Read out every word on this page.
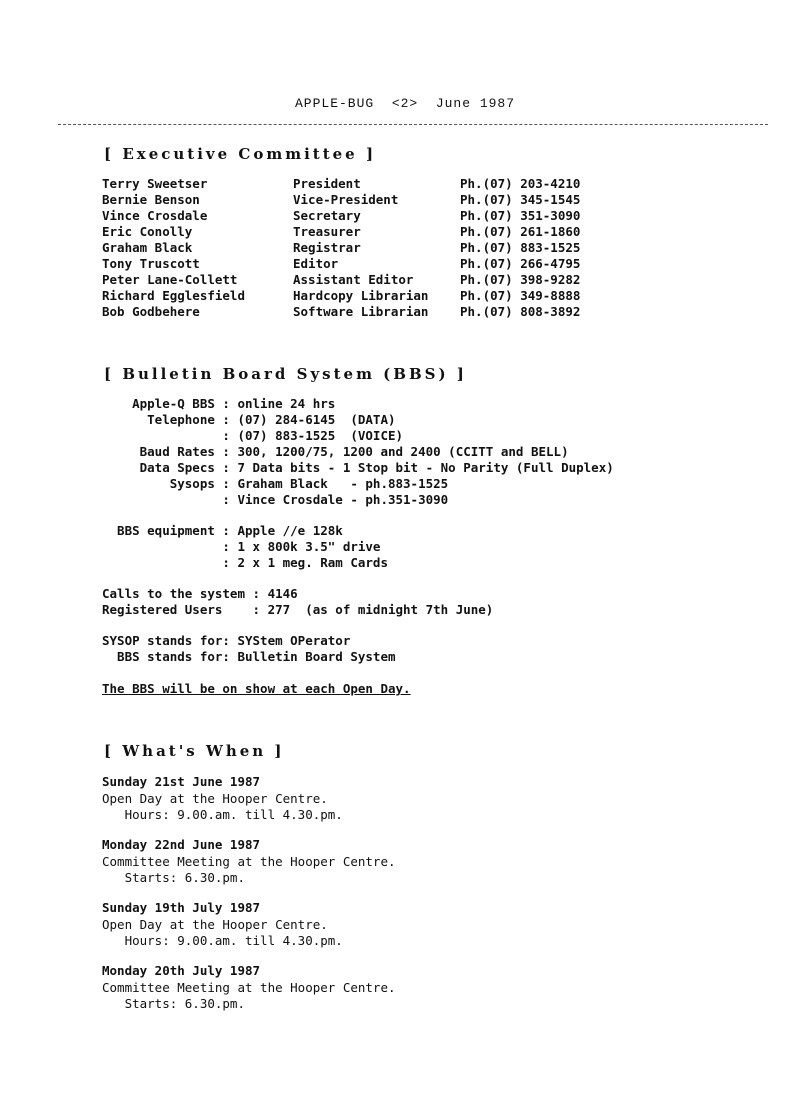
APPLE-BUG  <2>  June 1987
[ Executive Committee ]
Terry Sweetser	President	Ph.(07) 203-4210
Bernie Benson	Vice-President	Ph.(07) 345-1545
Vince Crosdale	Secretary	Ph.(07) 351-3090
Eric Conolly	Treasurer	Ph.(07) 261-1860
Graham Black	Registrar	Ph.(07) 883-1525
Tony Truscott	Editor	Ph.(07) 266-4795
Peter Lane-Collett	Assistant Editor	Ph.(07) 398-9282
Richard Egglesfield	Hardcopy Librarian	Ph.(07) 349-8888
Bob Godbehere	Software Librarian	Ph.(07) 808-3892
[ Bulletin Board System (BBS) ]
Apple-Q BBS : online 24 hrs
Telephone : (07) 284-6145  (DATA)
: (07) 883-1525  (VOICE)
Baud Rates : 300, 1200/75, 1200 and 2400 (CCITT and BELL)
Data Specs : 7 Data bits - 1 Stop bit - No Parity (Full Duplex)
Sysops : Graham Black   - ph.883-1525
: Vince Crosdale - ph.351-3090
BBS equipment : Apple //e 128k
: 1 x 800k 3.5" drive
: 2 x 1 meg. Ram Cards
Calls to the system : 4146
Registered Users    : 277  (as of midnight 7th June)
SYSOP stands for: SYStem OPerator
BBS stands for: Bulletin Board System
The BBS will be on show at each Open Day.
[ What's When ]
Sunday 21st June 1987
Open Day at the Hooper Centre.
Hours: 9.00.am. till 4.30.pm.
Monday 22nd June 1987
Committee Meeting at the Hooper Centre.
Starts: 6.30.pm.
Sunday 19th July 1987
Open Day at the Hooper Centre.
Hours: 9.00.am. till 4.30.pm.
Monday 20th July 1987
Committee Meeting at the Hooper Centre.
Starts: 6.30.pm.
